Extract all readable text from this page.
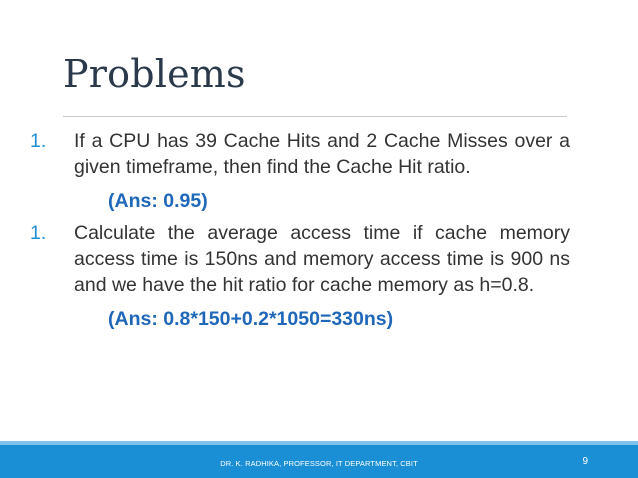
Problems
1. If a CPU has 39 Cache Hits and 2 Cache Misses over a given timeframe, then find the Cache Hit ratio.
(Ans: 0.95)
1. Calculate the average access time if cache memory access time is 150ns and memory access time is 900 ns and we have the hit ratio for cache memory as h=0.8.
(Ans: 0.8*150+0.2*1050=330ns)
DR. K. RADHIKA, PROFESSOR, IT DEPARTMENT, CBIT	9
